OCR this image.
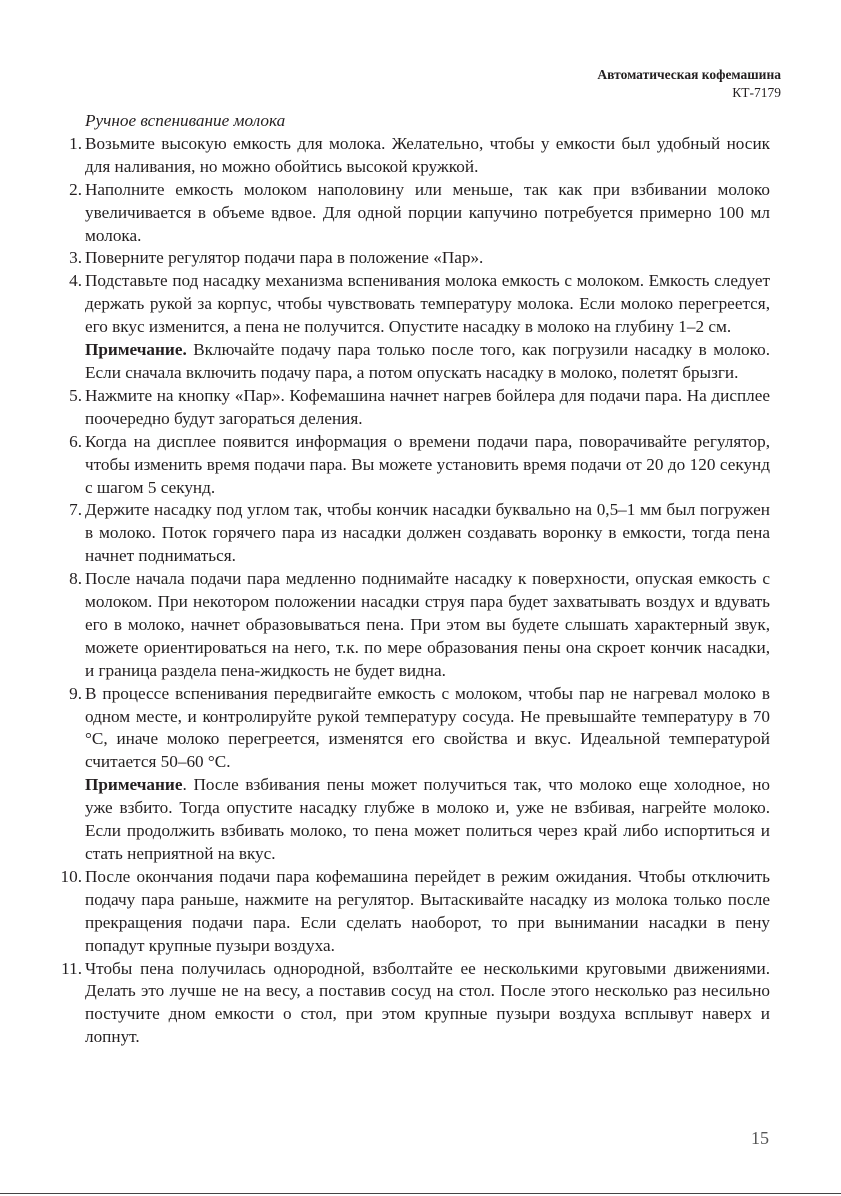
Автоматическая кофемашина
КТ-7179
Ручное вспенивание молока
1. Возьмите высокую емкость для молока. Желательно, чтобы у емкости был удобный носик для наливания, но можно обойтись высокой кружкой.
2. Наполните емкость молоком наполовину или меньше, так как при взбивании молоко увеличивается в объеме вдвое. Для одной порции капучино потребуется примерно 100 мл молока.
3. Поверните регулятор подачи пара в положение «Пар».
4. Подставьте под насадку механизма вспенивания молока емкость с молоком. Емкость следует держать рукой за корпус, чтобы чувствовать температуру молока. Если молоко перегреется, его вкус изменится, а пена не получится. Опустите насадку в молоко на глубину 1–2 см.
Примечание. Включайте подачу пара только после того, как погрузили насадку в молоко. Если сначала включить подачу пара, а потом опускать насадку в молоко, полетят брызги.
5. Нажмите на кнопку «Пар». Кофемашина начнет нагрев бойлера для подачи пара. На дисплее поочередно будут загораться деления.
6. Когда на дисплее появится информация о времени подачи пара, поворачивайте регулятор, чтобы изменить время подачи пара. Вы можете установить время подачи от 20 до 120 секунд с шагом 5 секунд.
7. Держите насадку под углом так, чтобы кончик насадки буквально на 0,5–1 мм был погружен в молоко. Поток горячего пара из насадки должен создавать воронку в емкости, тогда пена начнет подниматься.
8. После начала подачи пара медленно поднимайте насадку к поверхности, опуская емкость с молоком. При некотором положении насадки струя пара будет захватывать воздух и вдувать его в молоко, начнет образовываться пена. При этом вы будете слышать характерный звук, можете ориентироваться на него, т.к. по мере образования пены она скроет кончик насадки, и граница раздела пена-жидкость не будет видна.
9. В процессе вспенивания передвигайте емкость с молоком, чтобы пар не нагревал молоко в одном месте, и контролируйте рукой температуру сосуда. Не превышайте температуру в 70 °С, иначе молоко перегреется, изменятся его свойства и вкус. Идеальной температурой считается 50–60 °С.
Примечание. После взбивания пены может получиться так, что молоко еще холодное, но уже взбито. Тогда опустите насадку глубже в молоко и, уже не взбивая, нагрейте молоко. Если продолжить взбивать молоко, то пена может политься через край либо испортиться и стать неприятной на вкус.
10. После окончания подачи пара кофемашина перейдет в режим ожидания. Чтобы отключить подачу пара раньше, нажмите на регулятор. Вытаскивайте насадку из молока только после прекращения подачи пара. Если сделать наоборот, то при вынимании насадки в пену попадут крупные пузыри воздуха.
11. Чтобы пена получилась однородной, взболтайте ее несколькими круговыми движениями. Делать это лучше не на весу, а поставив сосуд на стол. После этого несколько раз несильно постучите дном емкости о стол, при этом крупные пузыри воздуха всплывут наверх и лопнут.
15
